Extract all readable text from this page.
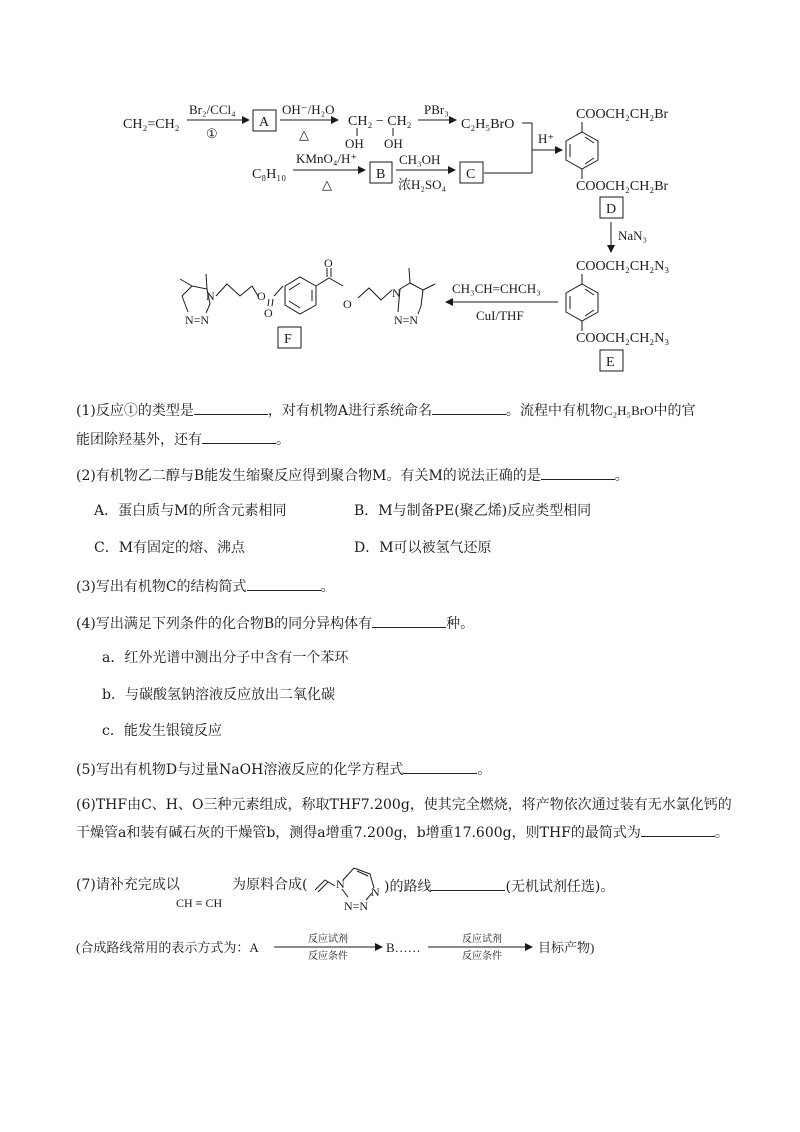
CH₂=CH₂
Br₂/CCl₄
①
A
OH⁻/H₂O
△
CH₂ − CH₂
OH OH
PBr₃
C₂H₅BrO
H⁺
C₈H₁₀
KMnO₄/H⁺
△
B
CH₃OH
浓H₂SO₄
C
COOCH₂CH₂Br
COOCH₂CH₂Br
D
NaN₃
COOCH₂CH₂N₃
COOCH₂CH₂N₃
E
CH₃CH=CHCH₃
CuI/THF
N
N=N
O
O
O
O
N
N=N
F
(1)反应①的类型是	，对有机物A进行系统命名	。流程中有机物C₂H₅BrO中的官
能团除羟基外，还有	。
(2)有机物乙二醇与B能发生缩聚反应得到聚合物M。有关M的说法正确的是	。
A．蛋白质与M的所含元素相同	B．M与制备PE(聚乙烯)反应类型相同
C．M有固定的熔、沸点	D．M可以被氢气还原
(3)写出有机物C的结构简式	。
(4)写出满足下列条件的化合物B的同分异构体有	种。
a．红外光谱中测出分子中含有一个苯环
b．与碳酸氢钠溶液反应放出二氧化碳
c．能发生银镜反应
(5)写出有机物D与过量NaOH溶液反应的化学方程式	。
(6)THF由C、H、O三种元素组成，称取THF7.200g，使其完全燃烧，将产物依次通过装有无水氯化钙的
干燥管a和装有碱石灰的干燥管b，测得a增重7.200g，b增重17.600g，则THF的最简式为	。
(7)请补充完成以	为原料合成(	)的路线	(无机试剂任选)。
CH ≡ CH
N
N
N=N
(合成路线常用的表示方式为：A
反应试剂
反应条件
B……
反应试剂
反应条件
目标产物)
